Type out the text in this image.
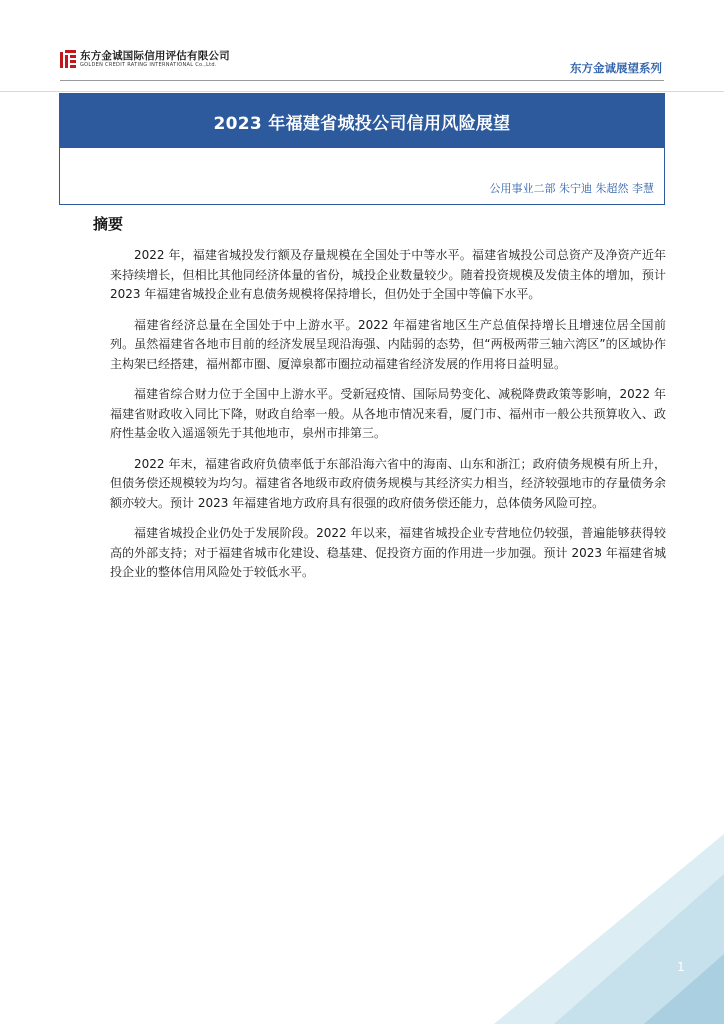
东方金诚国际信用评估有限公司
GOLDEN CREDIT RATING INTERNATIONAL Co.,Ltd.	东方金诚展望系列
2023 年福建省城投公司信用风险展望
公用事业二部 朱宁迪 朱超然 李慧
摘要

2022 年，福建省城投发行额及存量规模在全国处于中等水平。福建省城投公司总资产及净资产近年来持续增长，但相比其他同经济体量的省份，城投企业数量较少。随着投资规模及发债主体的增加，预计 2023 年福建省城投企业有息债务规模将保持增长，但仍处于全国中等偏下水平。

福建省经济总量在全国处于中上游水平。2022 年福建省地区生产总值保持增长且增速位居全国前列。虽然福建省各地市目前的经济发展呈现沿海强、内陆弱的态势，但“两极两带三轴六湾区”的区域协作主构架已经搭建，福州都市圈、厦漳泉都市圈拉动福建省经济发展的作用将日益明显。

福建省综合财力位于全国中上游水平。受新冠疫情、国际局势变化、减税降费政策等影响，2022 年福建省财政收入同比下降，财政自给率一般。从各地市情况来看，厦门市、福州市一般公共预算收入、政府性基金收入遥遥领先于其他地市，泉州市排第三。

2022 年末，福建省政府负债率低于东部沿海六省中的海南、山东和浙江；政府债务规模有所上升，但债务偿还规模较为均匀。福建省各地级市政府债务规模与其经济实力相当，经济较强地市的存量债务余额亦较大。预计 2023 年福建省地方政府具有很强的政府债务偿还能力，总体债务风险可控。

福建省城投企业仍处于发展阶段。2022 年以来，福建省城投企业专营地位仍较强，普遍能够获得较高的外部支持；对于福建省城市化建设、稳基建、促投资方面的作用进一步加强。预计 2023 年福建省城投企业的整体信用风险处于较低水平。

1
